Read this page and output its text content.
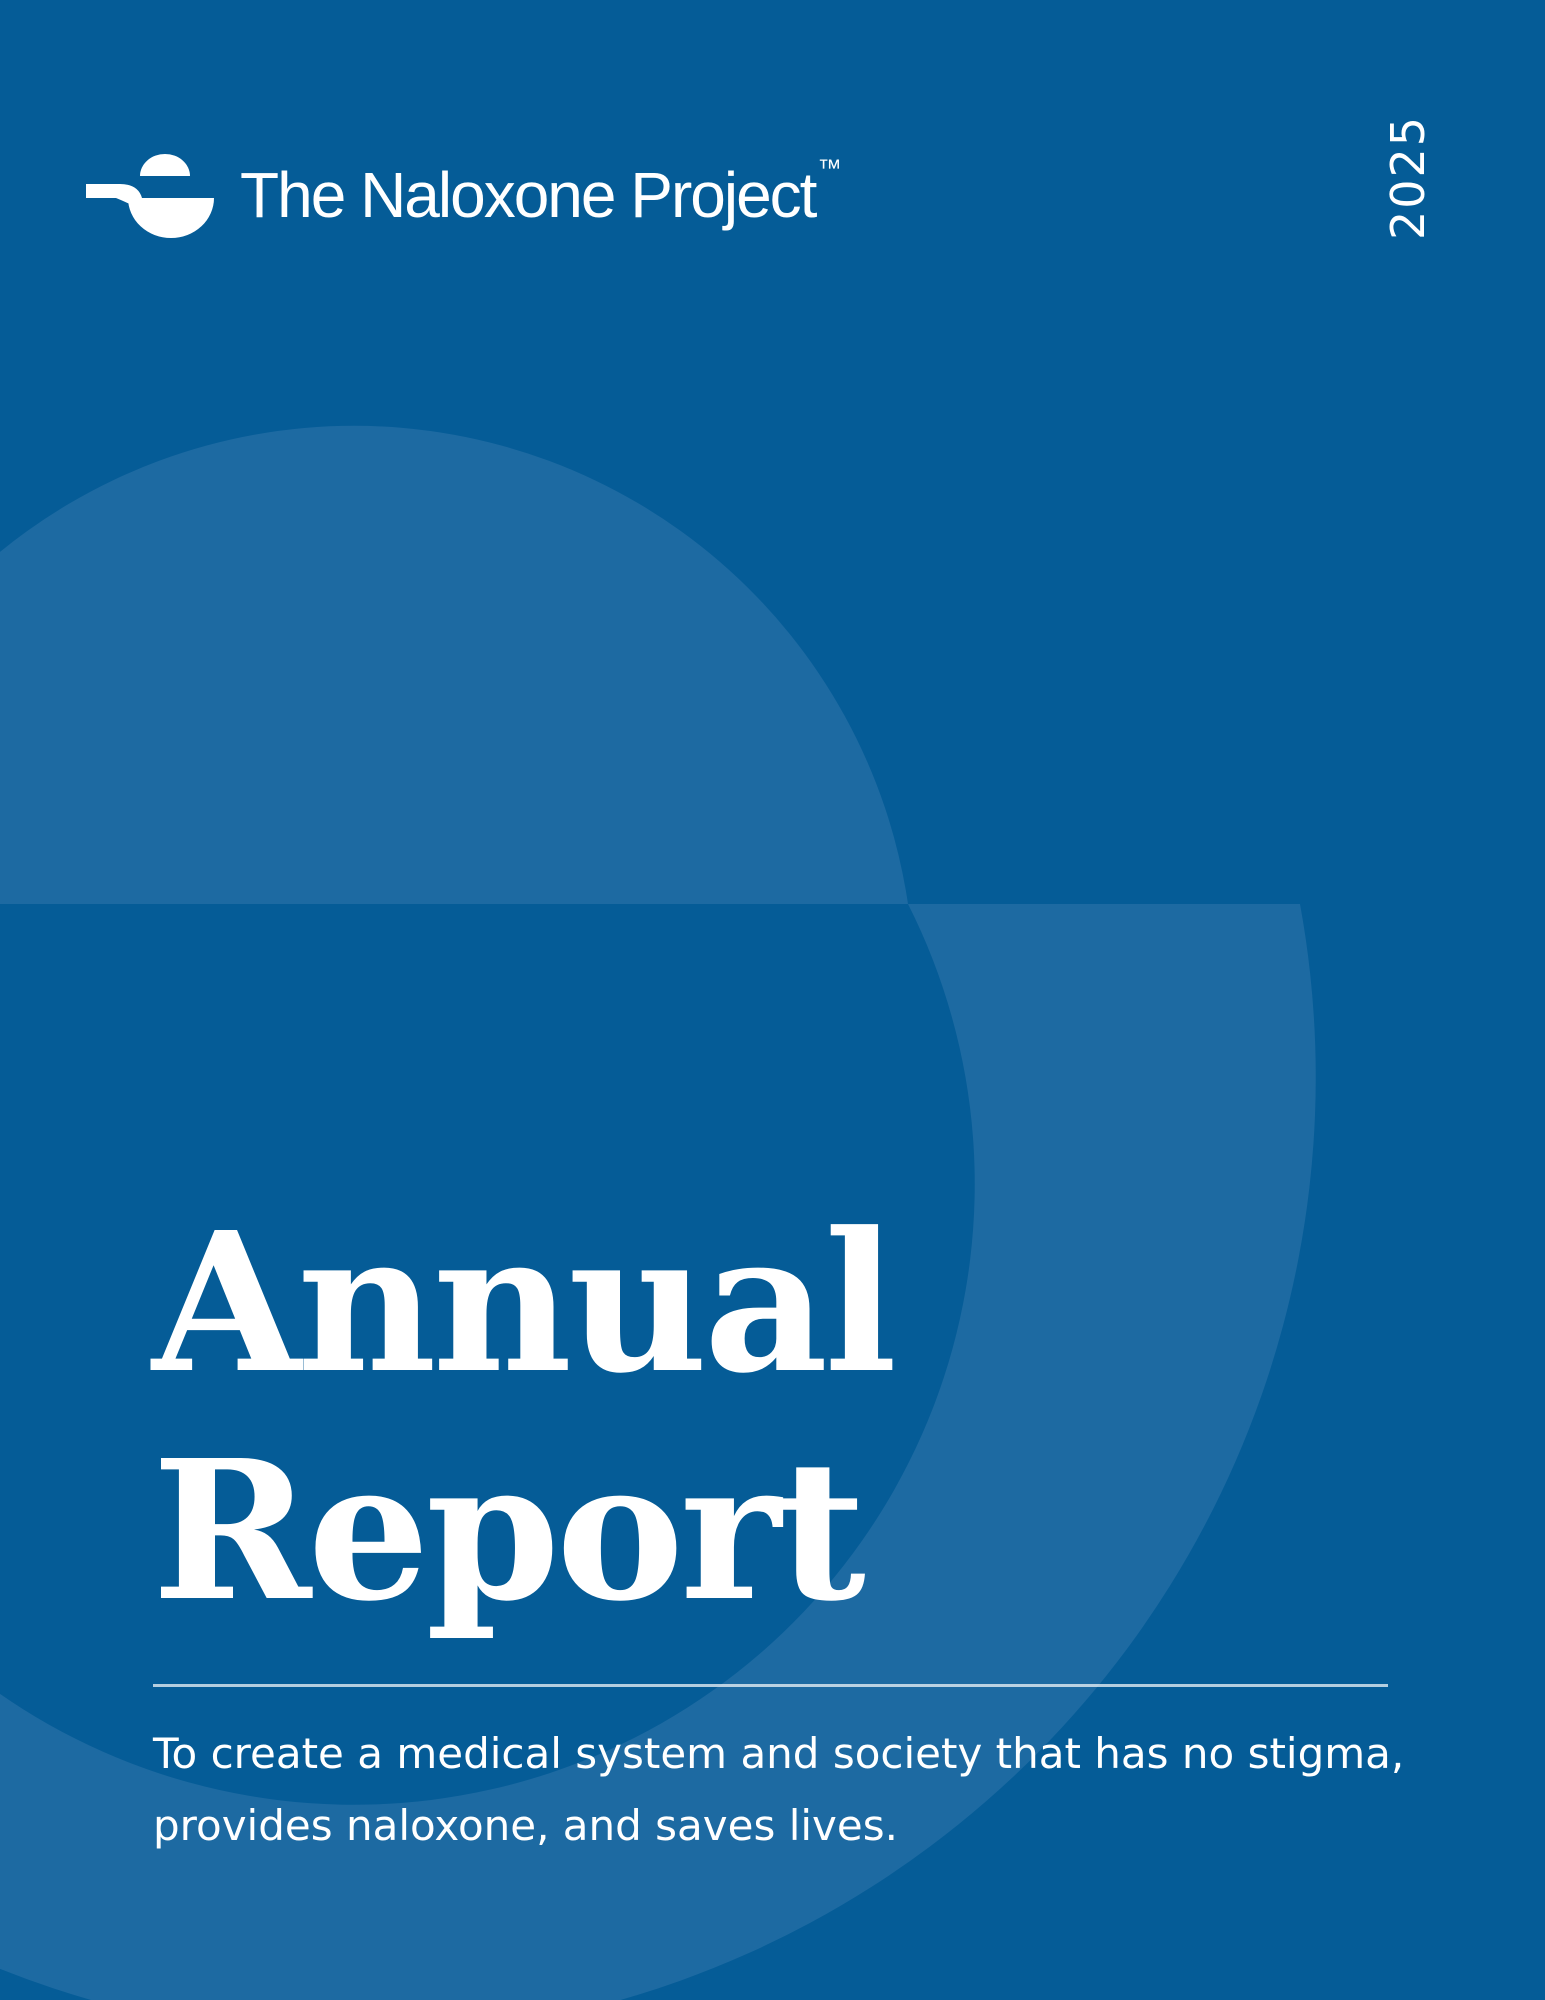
The Naloxone Project™	2025
Annual
Report
To create a medical system and society that has no stigma, provides naloxone, and saves lives.
